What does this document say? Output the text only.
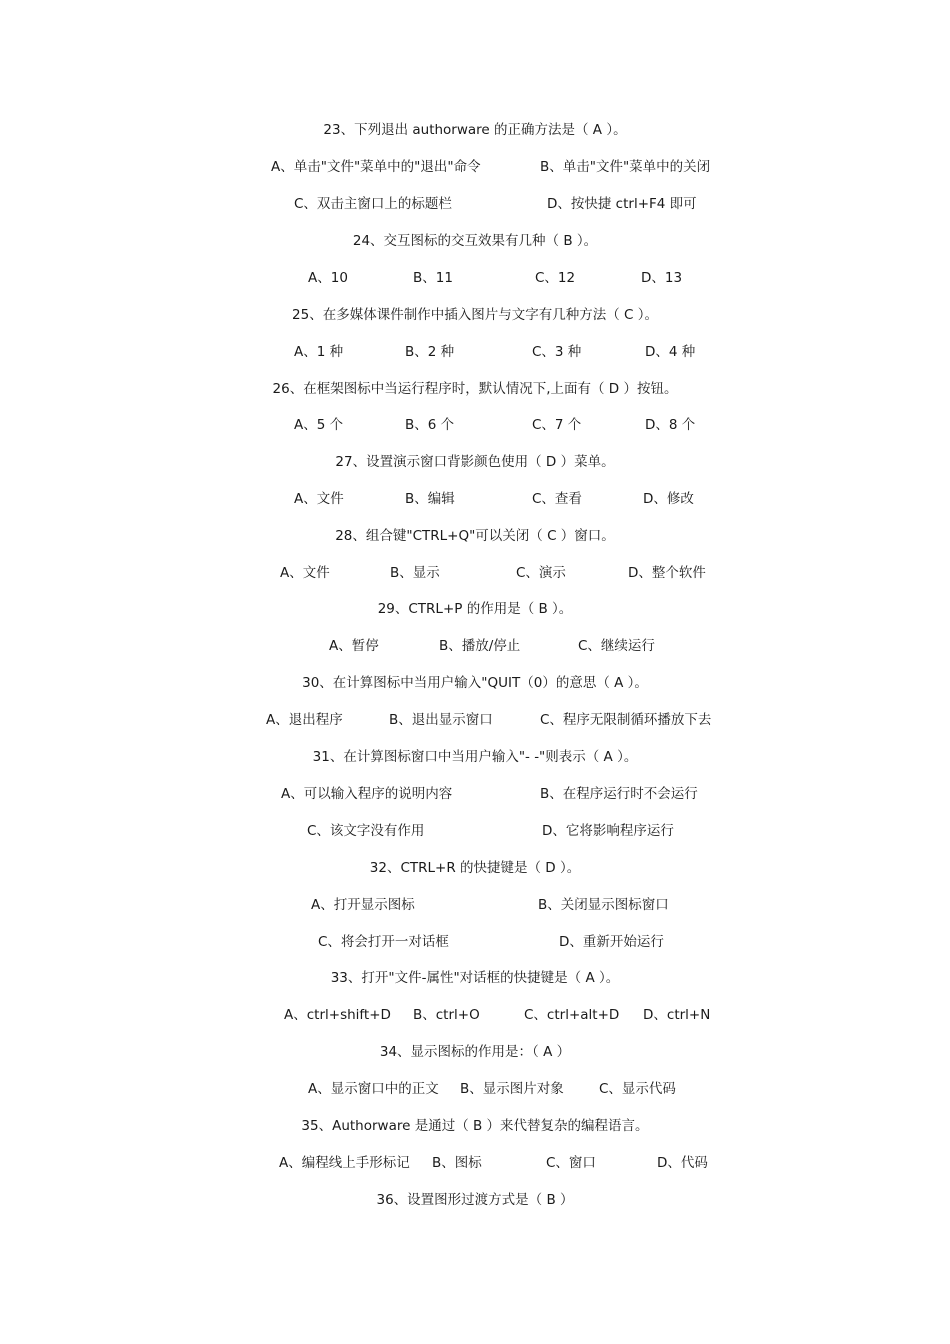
23、下列退出 authorware 的正确方法是（ A ）。
A、单击"文件"菜单中的"退出"命令	B、单击"文件"菜单中的关闭
C、双击主窗口上的标题栏	D、按快捷 ctrl+F4 即可
24、交互图标的交互效果有几种（ B ）。
A、10	B、11	C、12	D、13
25、在多媒体课件制作中插入图片与文字有几种方法（ C ）。
A、1 种	B、2 种	C、3 种	D、4 种
26、在框架图标中当运行程序时，默认情况下,上面有（ D ）按钮。
A、5 个	B、6 个	C、7 个	D、8 个
27、设置演示窗口背影颜色使用（ D ）菜单。
A、文件	B、编辑	C、查看	D、修改
28、组合键"CTRL+Q"可以关闭（ C ）窗口。
A、文件	B、显示	C、演示	D、整个软件
29、CTRL+P 的作用是（ B ）。
A、暂停	B、播放/停止	C、继续运行
30、在计算图标中当用户输入"QUIT（0）的意思（ A ）。
A、退出程序	B、退出显示窗口	C、程序无限制循环播放下去
31、在计算图标窗口中当用户输入"- -"则表示（ A ）。
A、可以输入程序的说明内容	B、在程序运行时不会运行
C、该文字没有作用	D、它将影响程序运行
32、CTRL+R 的快捷键是（ D ）。
A、打开显示图标	B、关闭显示图标窗口
C、将会打开一对话框	D、重新开始运行
33、打开"文件-属性"对话框的快捷键是（ A ）。
A、ctrl+shift+D B、ctrl+O	C、ctrl+alt+D D、ctrl+N
34、显示图标的作用是：（ A ）
A、显示窗口中的正文 B、显示图片对象	C、显示代码
35、Authorware 是通过（ B ）来代替复杂的编程语言。
A、编程线上手形标记 B、图标	C、窗口	D、代码
36、设置图形过渡方式是（ B ）
